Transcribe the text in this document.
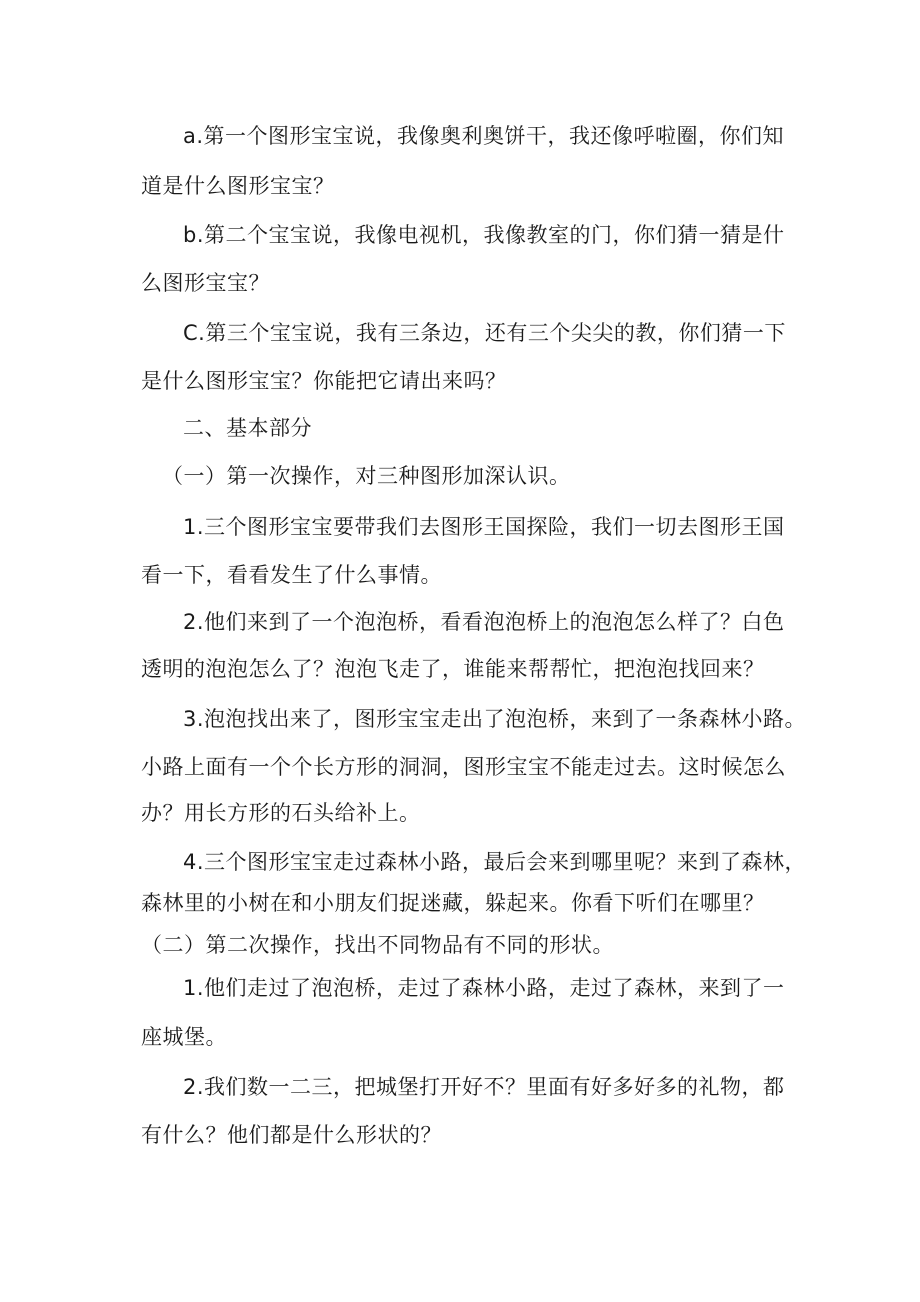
a.第一个图形宝宝说，我像奥利奥饼干，我还像呼啦圈，你们知
道是什么图形宝宝？
b.第二个宝宝说，我像电视机，我像教室的门，你们猜一猜是什
么图形宝宝？
C.第三个宝宝说，我有三条边，还有三个尖尖的教，你们猜一下
是什么图形宝宝？你能把它请出来吗？
二、基本部分
（一）第一次操作，对三种图形加深认识。
1.三个图形宝宝要带我们去图形王国探险，我们一切去图形王国
看一下，看看发生了什么事情。
2.他们来到了一个泡泡桥，看看泡泡桥上的泡泡怎么样了？白色
透明的泡泡怎么了？泡泡飞走了，谁能来帮帮忙，把泡泡找回来？
3.泡泡找出来了，图形宝宝走出了泡泡桥，来到了一条森林小路。
小路上面有一个个长方形的洞洞，图形宝宝不能走过去。这时候怎么
办？用长方形的石头给补上。
4.三个图形宝宝走过森林小路，最后会来到哪里呢？来到了森林，
森林里的小树在和小朋友们捉迷藏，躲起来。你看下听们在哪里？
（二）第二次操作，找出不同物品有不同的形状。
1.他们走过了泡泡桥，走过了森林小路，走过了森林，来到了一
座城堡。
2.我们数一二三，把城堡打开好不？里面有好多好多的礼物，都
有什么？他们都是什么形状的？
